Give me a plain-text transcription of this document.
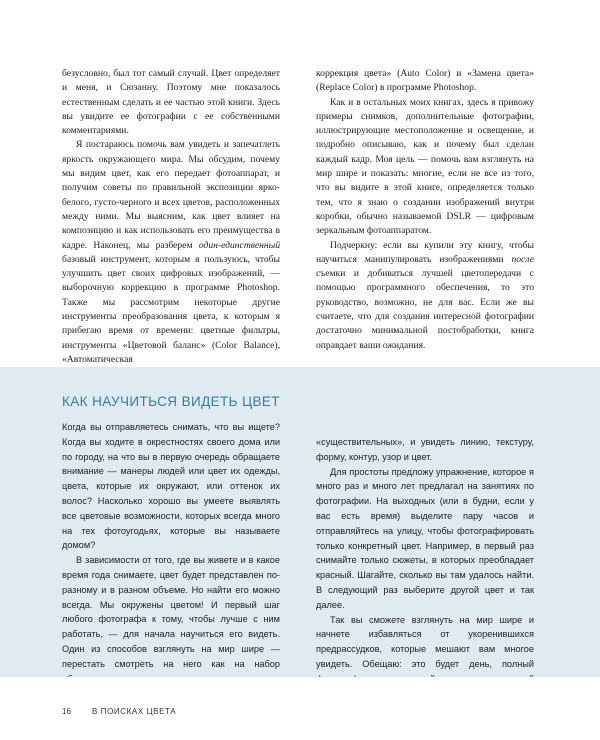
безусловно, был тот самый случай. Цвет определяет и меня, и Сюзанну. Поэтому мне показалось естественным сделать и ее частью этой книги. Здесь вы увидите ее фотографии с ее собственными комментариями.

Я постараюсь помочь вам увидеть и запечатлеть яркость окружающего мира. Мы обсудим, почему мы видим цвет, как его передает фотоаппарат, и получим советы по правильной экспозиции ярко-белого, густо-черного и всех цветов, расположенных между ними. Мы выясним, как цвет влияет на композицию и как использовать его преимущества в кадре. Наконец, мы разберем один-единственный базовый инструмент, которым я пользуюсь, чтобы улучшить цвет своих цифровых изображений, — выборочную коррекцию в программе Photoshop. Также мы рассмотрим некоторые другие инструменты преобразования цвета, к которым я прибегаю время от времени: цветные фильтры, инструменты «Цветовой баланс» (Color Balance), «Автоматическая

коррекция цвета» (Auto Color) и «Замена цвета» (Replace Color) в программе Photoshop.

Как и в остальных моих книгах, здесь я привожу примеры снимков, дополнительные фотографии, иллюстрирующие местоположение и освещение, и подробно описываю, как и почему был сделан каждый кадр. Моя цель — помочь вам взглянуть на мир шире и показать: многие, если не все из того, что вы видите в этой книге, определяется только тем, что я знаю о создании изображений внутри коробки, обычно называемой DSLR — цифровым зеркальным фотоаппаратом.

Подчеркну: если вы купили эту книгу, чтобы научиться манипулировать изображениями после съемки и добиваться лучшей цветопередачи с помощью программного обеспечения, то это руководство, возможно, не для вас. Если же вы считаете, что для создания интересной фотографии достаточно минимальной постобработки, книга оправдает ваши ожидания.

КАК НАУЧИТЬСЯ ВИДЕТЬ ЦВЕТ

Когда вы отправляетесь снимать, что вы ищете? Когда вы ходите в окрестностях своего дома или по городу, на что вы в первую очередь обращаете внимание — манеры людей или цвет их одежды, цвета, которые их окружают, или оттенок их волос? Насколько хорошо вы умеете выявлять все цветовые возможности, которых всегда много на тех фотоугодьях, которые вы называете домом?

В зависимости от того, где вы живете и в какое время года снимаете, цвет будет представлен по-разному и в разном объеме. Но найти его можно всегда. Мы окружены цветом! И первый шаг любого фотографа к тому, чтобы лучше с ним работать, — для начала научиться его видеть. Один из способов взглянуть на мир шире — перестать смотреть на него как на набор

«существительных», и увидеть линию, текстуру, форму, контур, узор и цвет.

Для простоты предложу упражнение, которое я много раз и много лет предлагал на занятиях по фотографии. На выходных (или в будни, если у вас есть время) выделите пару часов и отправляйтесь на улицу, чтобы фотографировать только конкретный цвет. Например, в первый раз снимайте только сюжеты, в которых преобладает красный. Шагайте, сколько вы там удалось найти. В следующий раз выберите другой цвет и так далее.

Так вы сможете взглянуть на мир шире и начнете избавляться от укоренившихся предрассудков, которые мешают вам многое увидеть. Обещаю: это будет день, полный

16	В ПОИСКАХ ЦВЕТА
